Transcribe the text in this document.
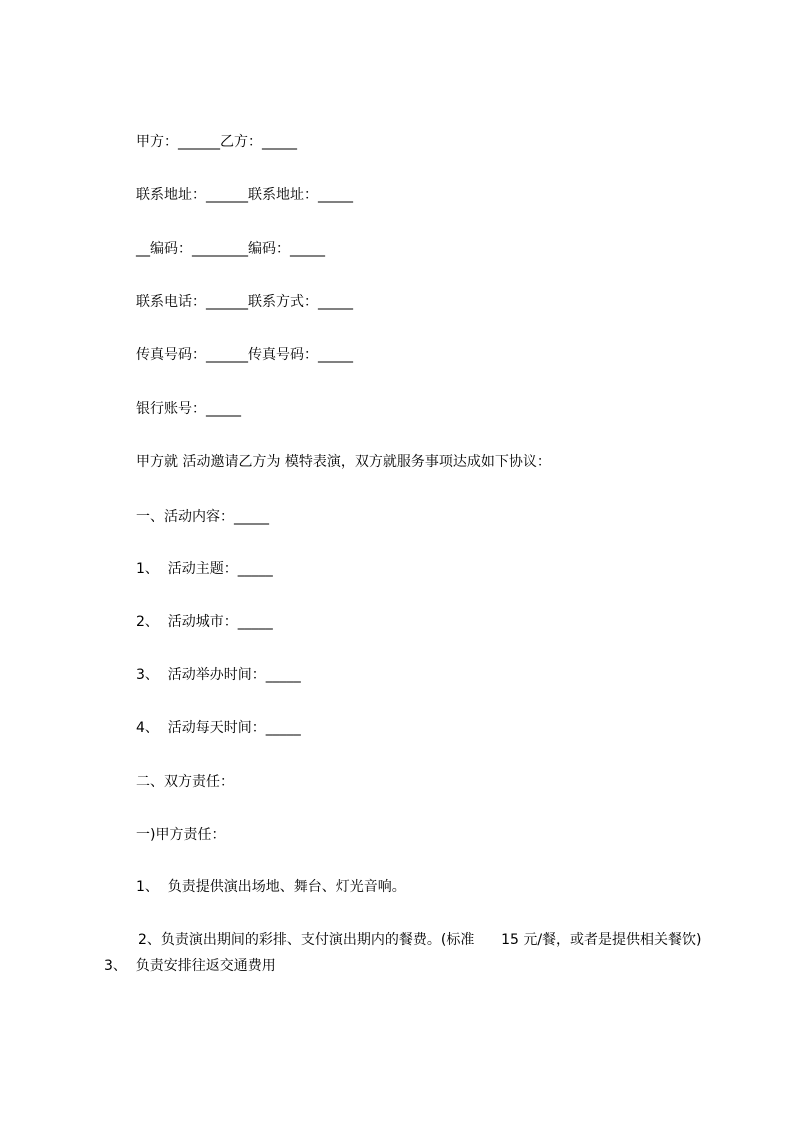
甲方：______乙方：_____
联系地址：______联系地址：_____
__编码：________编码：_____
联系电话：______联系方式：_____
传真号码：______传真号码：_____
银行账号：_____
甲方就 活动邀请乙方为 模特表演，双方就服务事项达成如下协议：
一、活动内容：_____
1、  活动主题：_____
2、  活动城市：_____
3、  活动举办时间：_____
4、  活动每天时间：_____
二、双方责任：
一)甲方责任：
1、  负责提供演出场地、舞台、灯光音响。
2、负责演出期间的彩排、支付演出期内的餐费。(标准      15 元/餐，或者是提供相关餐饮) 3、  负责安排往返交通费用
